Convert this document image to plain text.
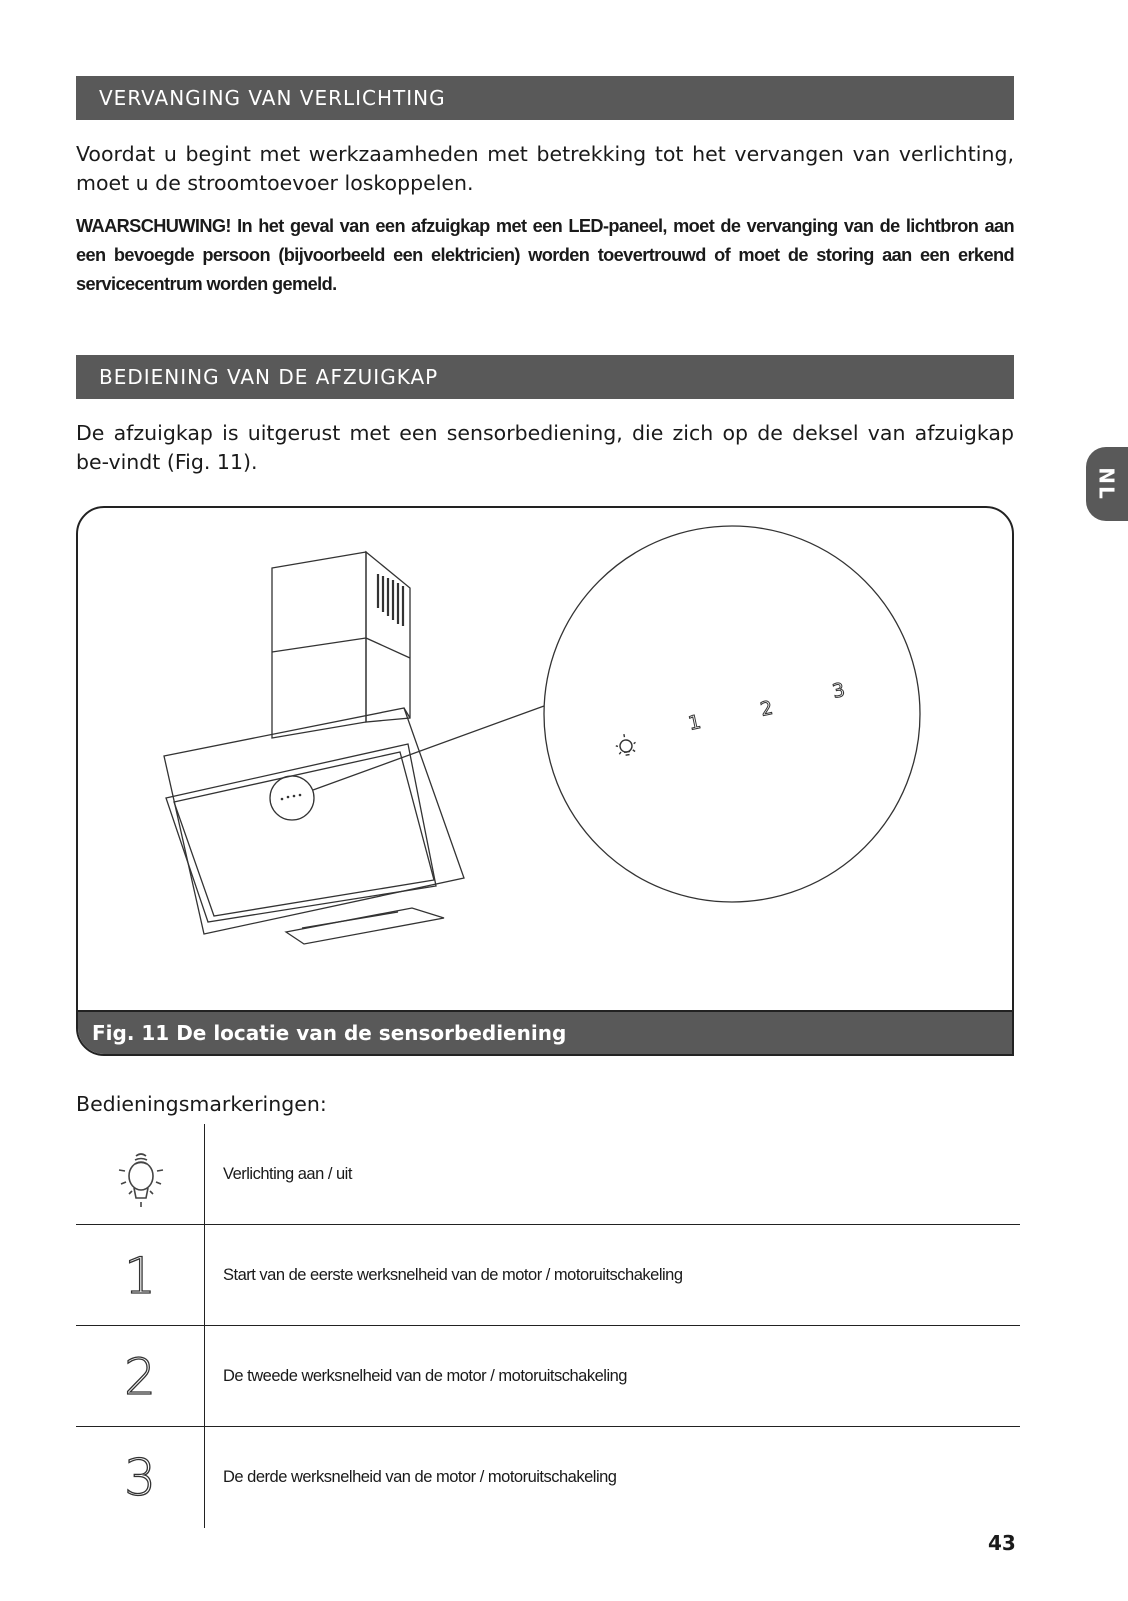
VERVANGING VAN VERLICHTING

Voordat u begint met werkzaamheden met betrekking tot het vervangen van verlichting, moet u de stroomtoevoer loskoppelen.

WAARSCHUWING! In het geval van een afzuigkap met een LED-paneel, moet de vervanging van de lichtbron aan een bevoegde persoon (bijvoorbeeld een elektricien) worden toevertrouwd of moet de storing aan een erkend servicecentrum worden gemeld.

BEDIENING VAN DE AFZUIGKAP

De afzuigkap is uitgerust met een sensorbediening, die zich op de deksel van afzuigkap be-vindt (Fig. 11).

NL
1
2
3
Fig. 11 De locatie van de sensorbediening

Bedieningsmarkeringen:

Verlichting aan / uit
1	Start van de eerste werksnelheid van de motor / motoruitschakeling
2	De tweede werksnelheid van de motor / motoruitschakeling
3	De derde werksnelheid van de motor / motoruitschakeling
43
